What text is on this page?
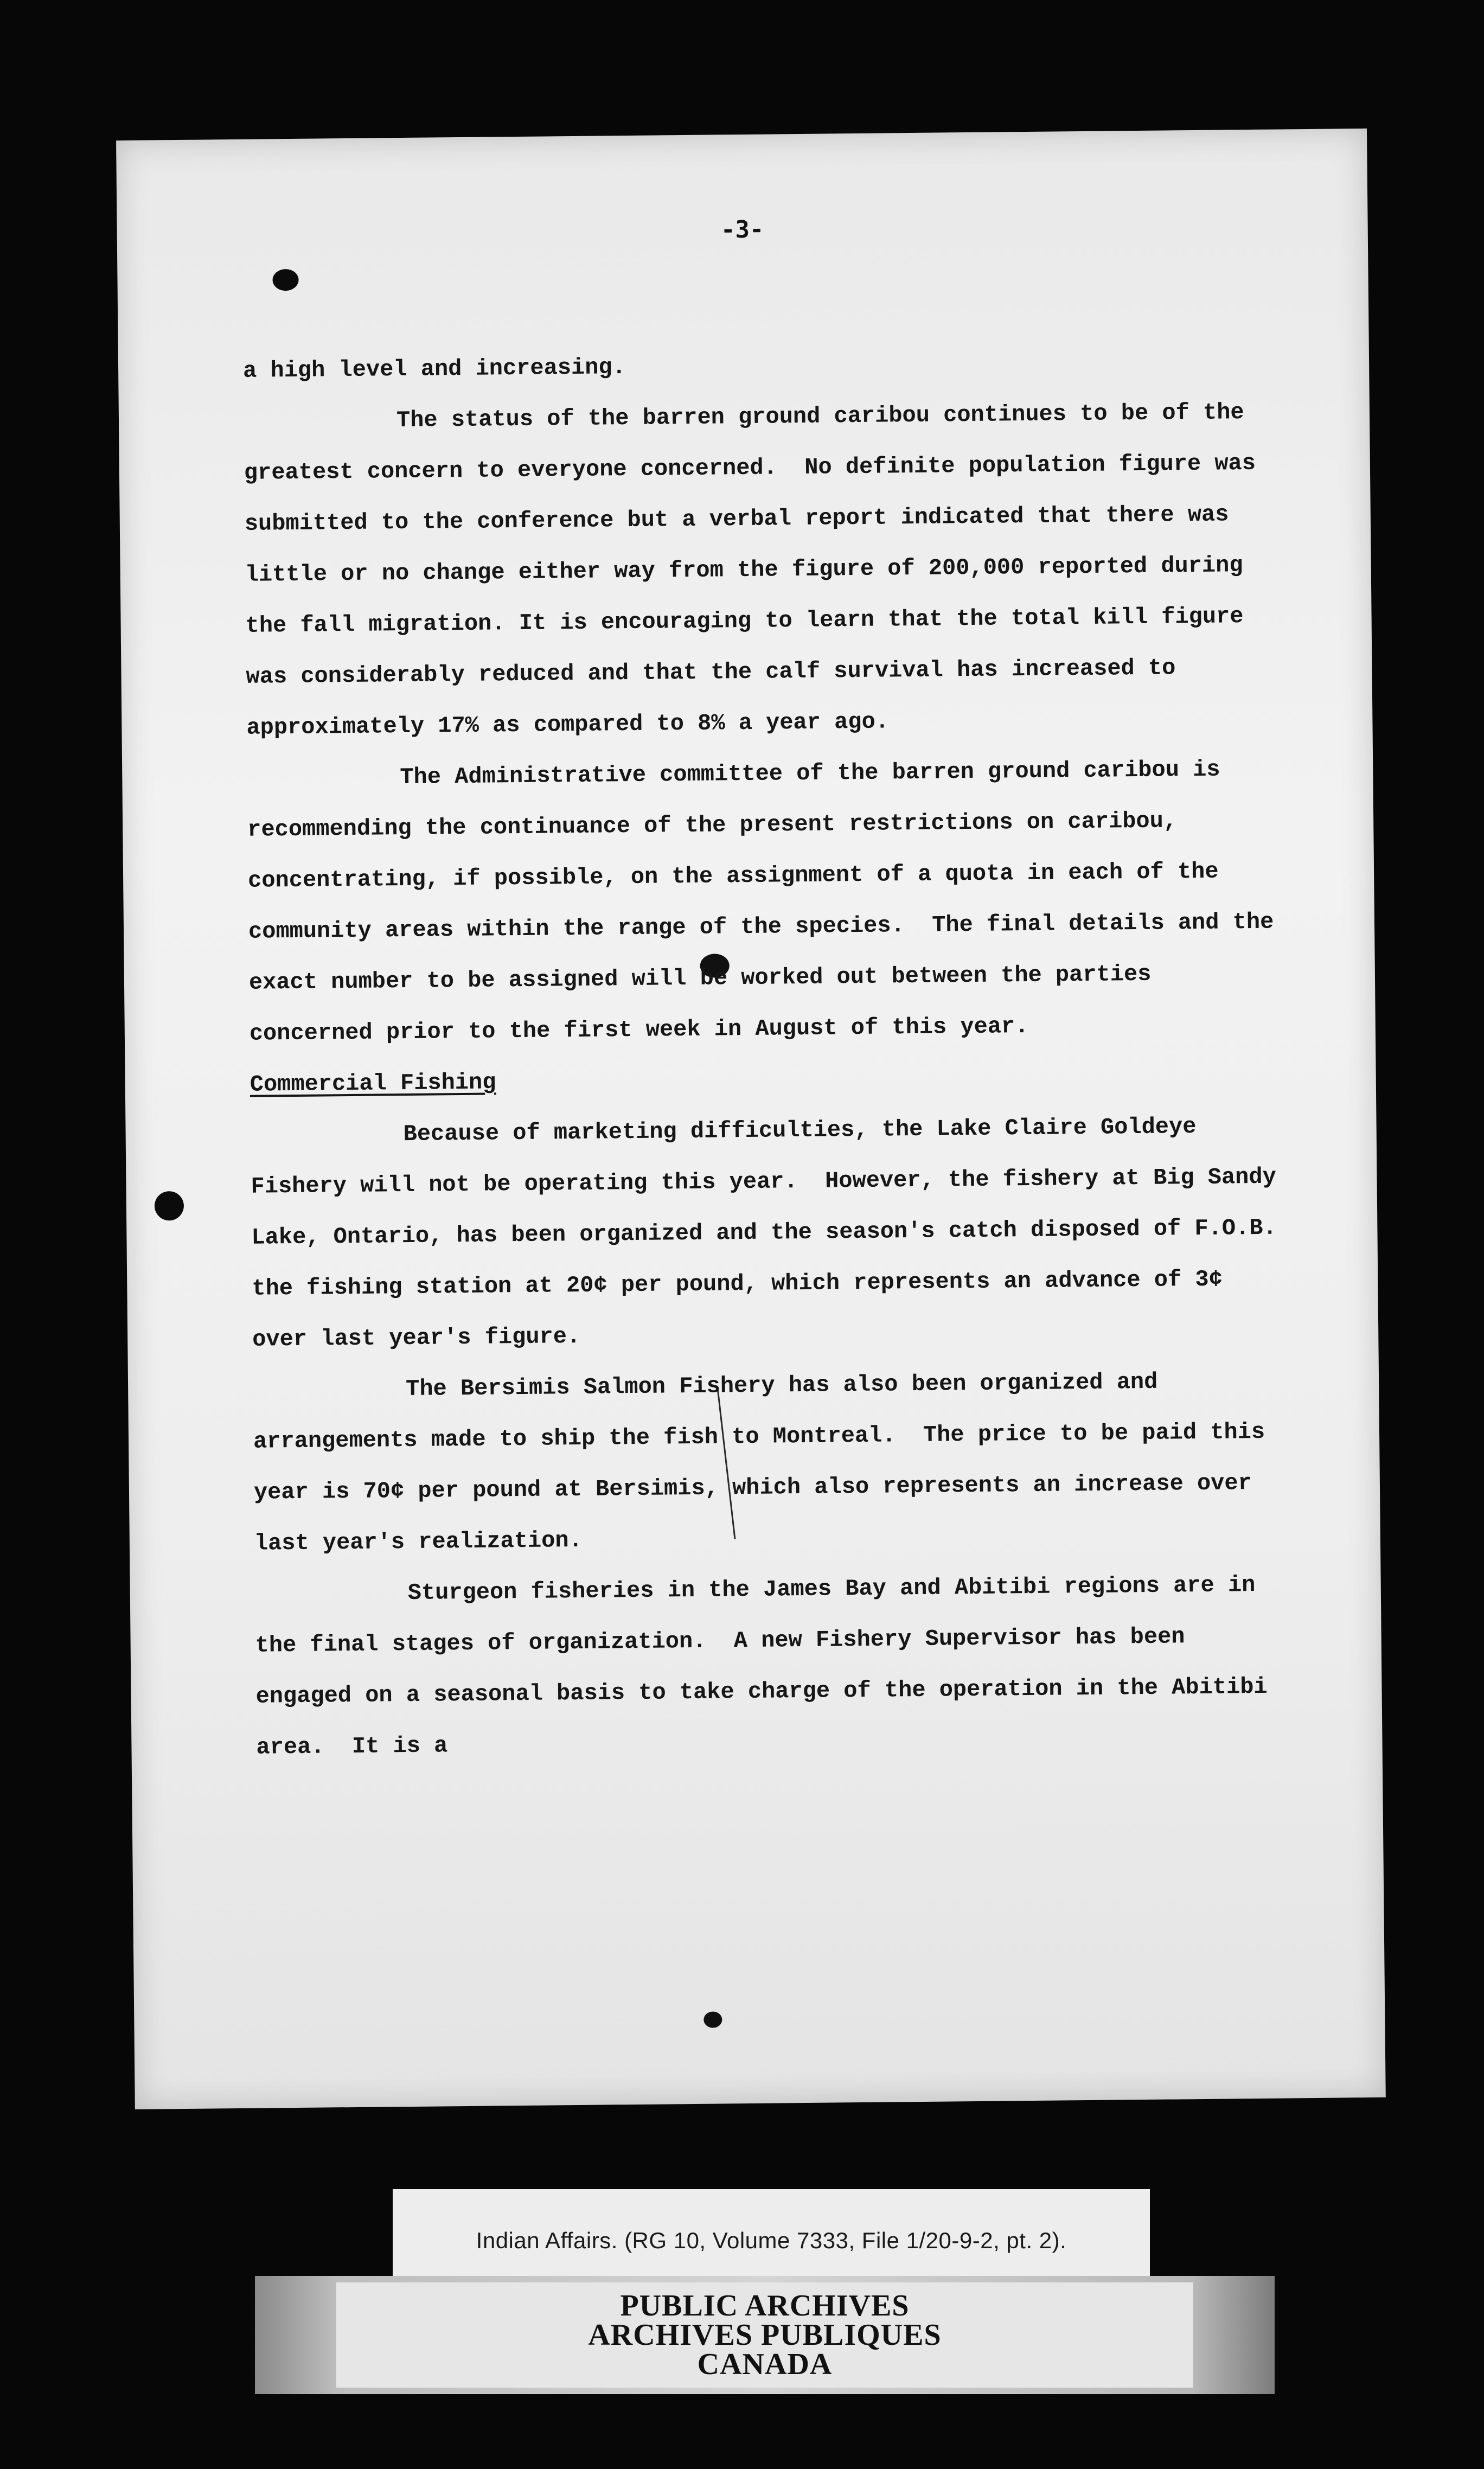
-3-

a high level and increasing.

The status of the barren ground caribou continues to be of the greatest concern to everyone concerned.  No definite population figure was submitted to the conference but a verbal report indicated that there was little or no change either way from the figure of 200,000 reported during the fall migration. It is encouraging to learn that the total kill figure was considerably reduced and that the calf survival has increased to  approximately 17% as compared to 8% a year ago.

The Administrative committee of the barren ground caribou is recommending the continuance of the present restrictions on caribou, concentrating, if possible, on the assignment of a quota in each of the community areas within the range of the species.  The final details and the exact number to be assigned will be worked out between the parties concerned prior to the first week in August of this year.

Commercial Fishing

Because of marketing difficulties, the Lake Claire Goldeye Fishery will not be operating this year.  However, the fishery at Big Sandy Lake, Ontario, has been organized and the season's catch disposed of F.O.B. the fishing station at 20¢ per pound, which represents an advance of 3¢ over last year's figure.

The Bersimis Salmon Fishery has also been organized and arrangements made to ship the fish to Montreal.  The price to be paid this year is 70¢ per pound at Bersimis, which also represents an increase over last year's realization.

Sturgeon fisheries in the James Bay and Abitibi regions are in the final stages of organization.  A new Fishery Supervisor has been engaged on a seasonal basis to take charge of the operation in the Abitibi area.  It is a

Indian Affairs. (RG 10, Volume 7333, File 1/20-9-2, pt. 2).
PUBLIC ARCHIVES
ARCHIVES PUBLIQUES
CANADA
